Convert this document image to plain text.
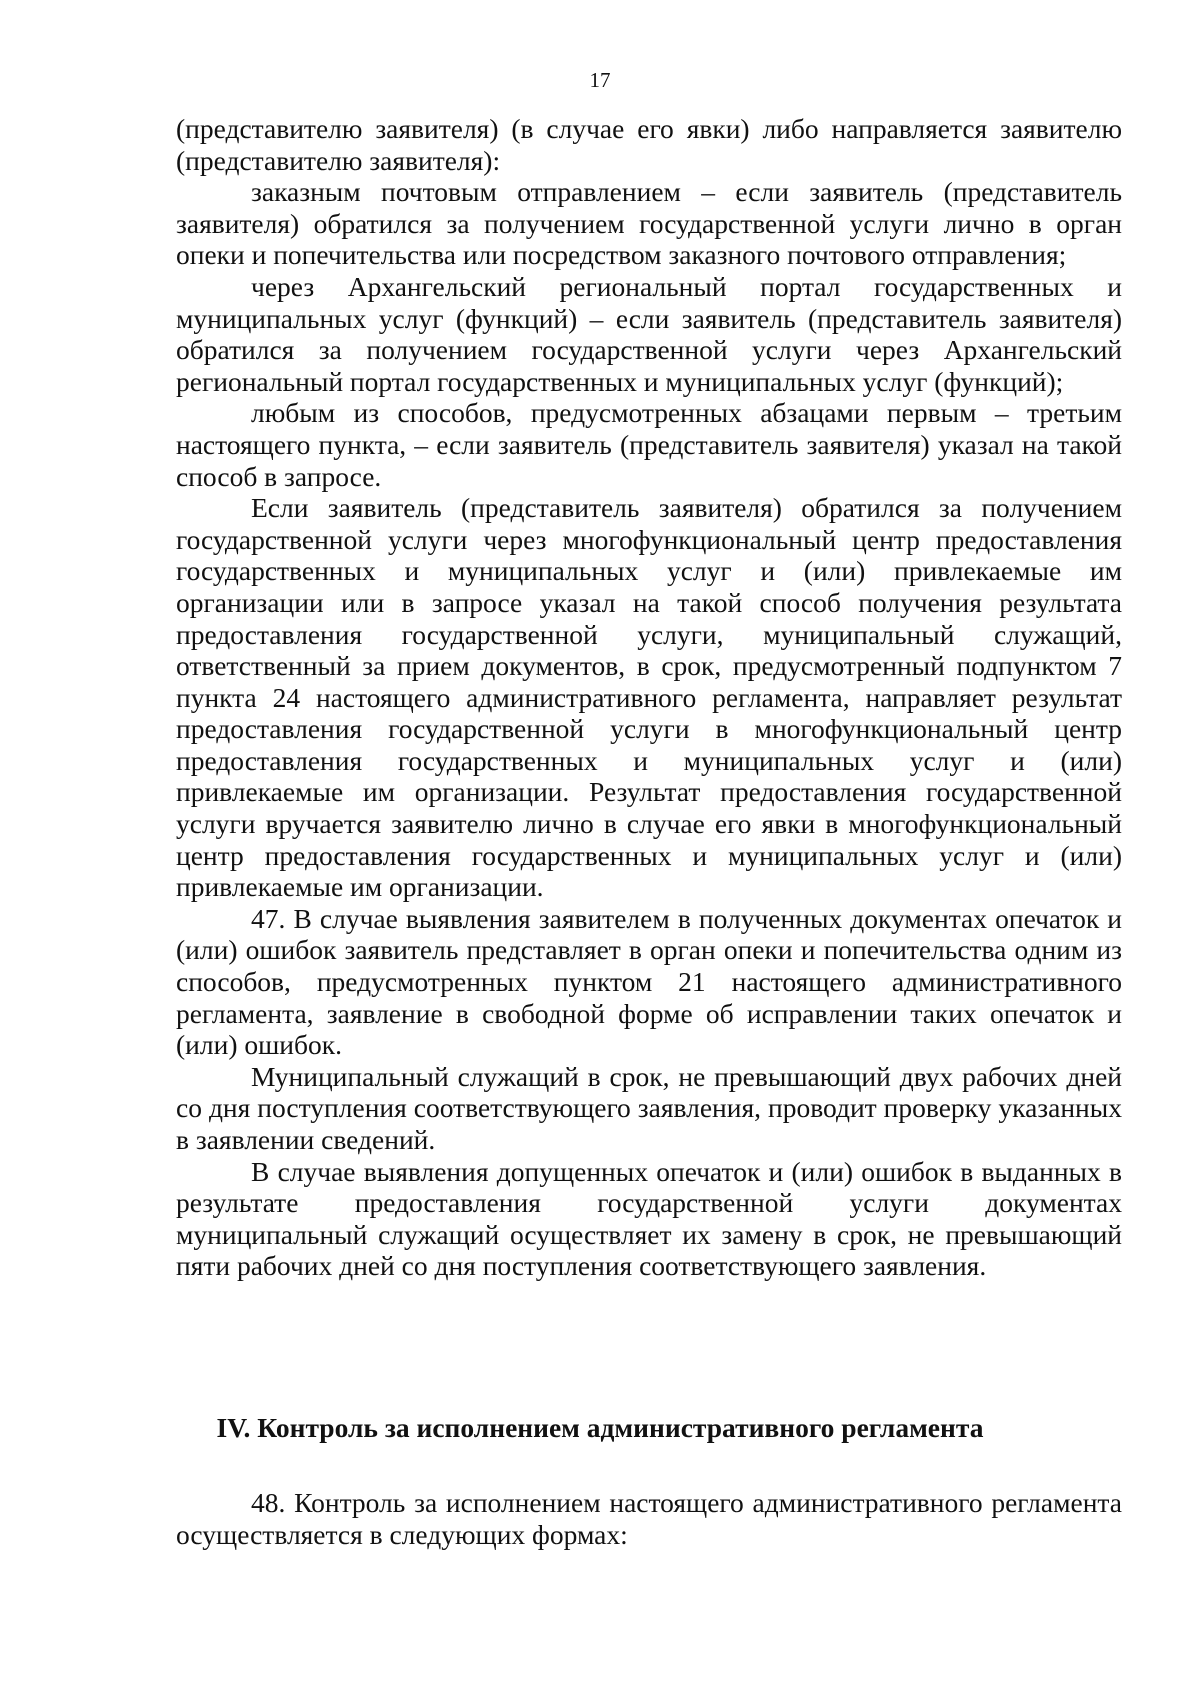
17

(представителю заявителя) (в случае его явки) либо направляется заявителю (представителю заявителя):

заказным почтовым отправлением – если заявитель (представитель заявителя) обратился за получением государственной услуги лично в орган опеки и попечительства или посредством заказного почтового отправления;

через Архангельский региональный портал государственных и муниципальных услуг (функций) – если заявитель (представитель заявителя) обратился за получением государственной услуги через Архангельский региональный портал государственных и муниципальных услуг (функций);

любым из способов, предусмотренных абзацами первым – третьим настоящего пункта, – если заявитель (представитель заявителя) указал на такой способ в запросе.

Если заявитель (представитель заявителя) обратился за получением государственной услуги через многофункциональный центр предоставления государственных и муниципальных услуг и (или) привлекаемые им организации или в запросе указал на такой способ получения результата предоставления государственной услуги, муниципальный служащий, ответственный за прием документов, в срок, предусмотренный подпунктом 7 пункта 24 настоящего административного регламента, направляет результат предоставления государственной услуги в многофункциональный центр предоставления государственных и муниципальных услуг и (или) привлекаемые им организации. Результат предоставления государственной услуги вручается заявителю лично в случае его явки в многофункциональный центр предоставления государственных и муниципальных услуг и (или) привлекаемые им организации.

47. В случае выявления заявителем в полученных документах опечаток и (или) ошибок заявитель представляет в орган опеки и попечительства одним из способов, предусмотренных пунктом 21 настоящего административного регламента, заявление в свободной форме об исправлении таких опечаток и (или) ошибок.

Муниципальный служащий в срок, не превышающий двух рабочих дней со дня поступления соответствующего заявления, проводит проверку указанных в заявлении сведений.

В случае выявления допущенных опечаток и (или) ошибок в выданных в результате предоставления государственной услуги документах муниципальный служащий осуществляет их замену в срок, не превышающий пяти рабочих дней со дня поступления соответствующего заявления.

IV. Контроль за исполнением административного регламента

48. Контроль за исполнением настоящего административного регламента осуществляется в следующих формах:
